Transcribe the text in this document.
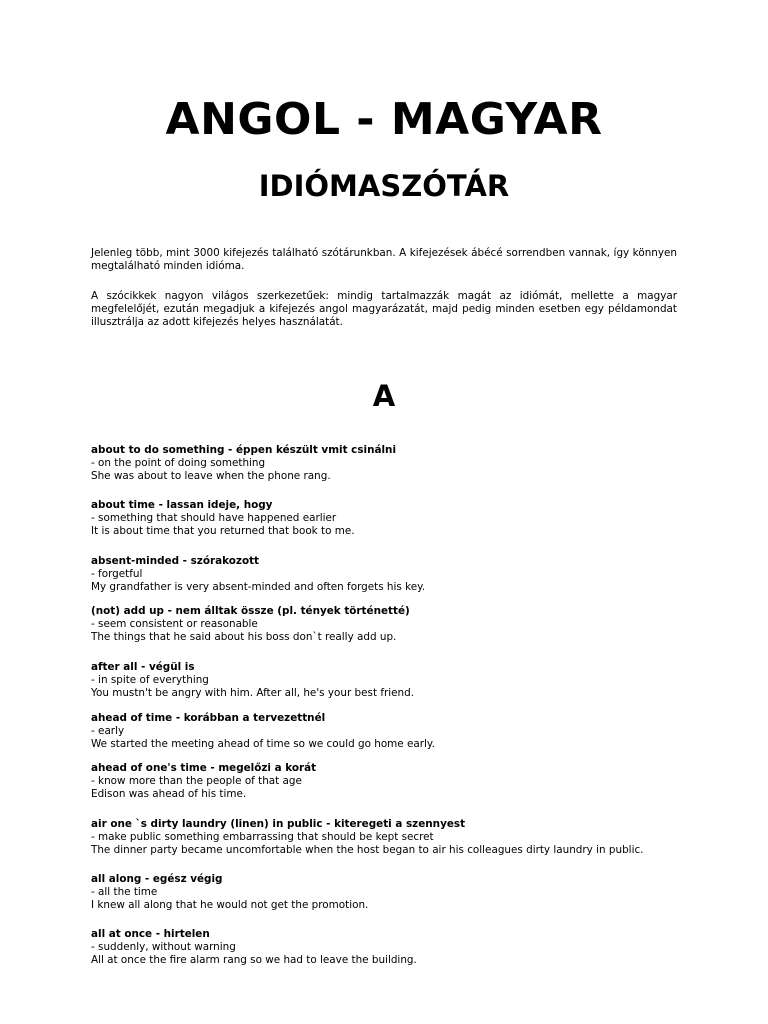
ANGOL - MAGYAR
IDIÓMASZÓTÁR

Jelenleg több, mint 3000 kifejezés található szótárunkban. A kifejezések ábécé sorrendben vannak, így könnyen megtalálható minden idióma.

A szócikkek nagyon világos szerkezetűek: mindig tartalmazzák magát az idiómát, mellette a magyar megfelelőjét, ezután megadjuk a kifejezés angol magyarázatát, majd pedig minden esetben egy példamondat illusztrálja az adott kifejezés helyes használatát.

A
about to do something - éppen készült vmit csinálni
- on the point of doing something
She was about to leave when the phone rang.
about time - lassan ideje, hogy
- something that should have happened earlier
It is about time that you returned that book to me.
absent-minded - szórakozott
- forgetful
My grandfather is very absent-minded and often forgets his key.
(not) add up - nem álltak össze (pl. tények történetté)
- seem consistent or reasonable
The things that he said about his boss don`t really add up.
after all - végül is
- in spite of everything
You mustn't be angry with him. After all, he's your best friend.
ahead of time - korábban a tervezettnél
- early
We started the meeting ahead of time so we could go home early.
ahead of one's time - megelőzi a korát
- know more than the people of that age
Edison was ahead of his time.
air one `s dirty laundry (linen) in public - kiteregeti a szennyest
- make public something embarrassing that should be kept secret
The dinner party became uncomfortable when the host began to air his colleagues dirty laundry in public.
all along - egész végig
- all the time
I knew all along that he would not get the promotion.
all at once - hirtelen
- suddenly, without warning
All at once the fire alarm rang so we had to leave the building.
